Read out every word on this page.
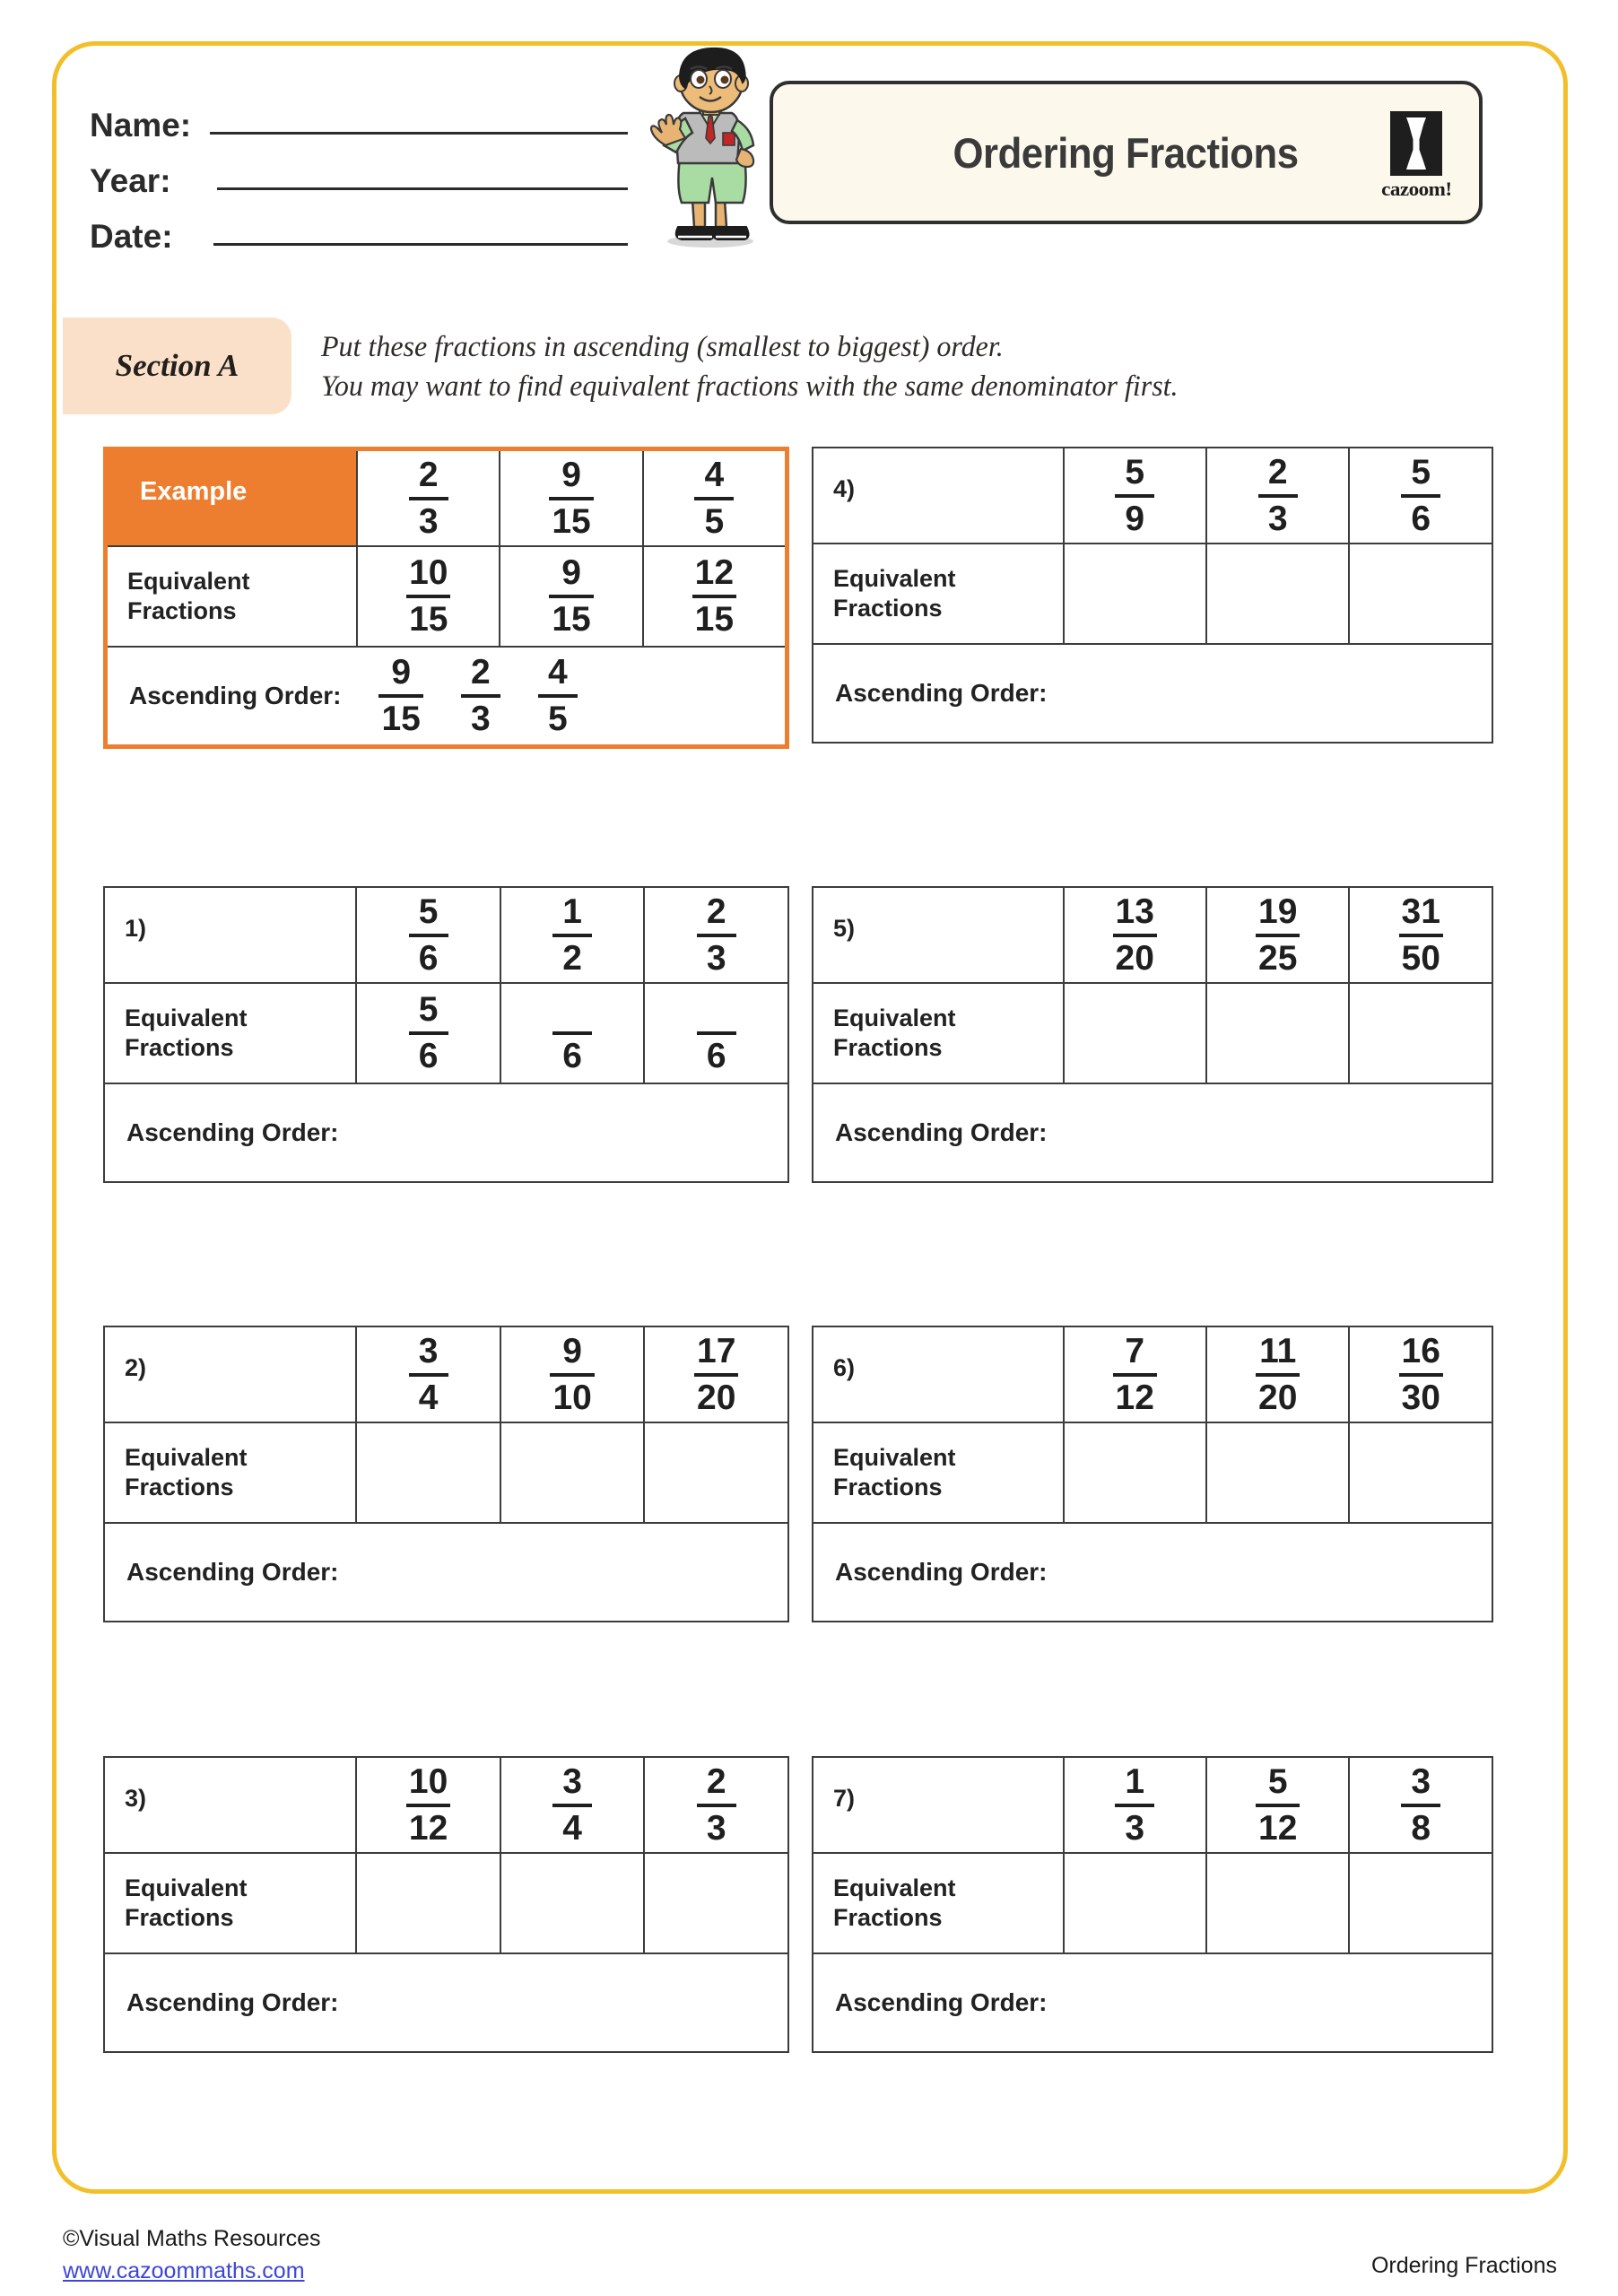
Name:
Year:
Date:
Ordering Fractions
cazoom!
Section A
Put these fractions in ascending (smallest to biggest) order.
You may want to find equivalent fractions with the same denominator first.
Example	$\frac{2}{3}$	$\frac{9}{15}$	$\frac{4}{5}$

Equivalent
Fractions	$\frac{10}{15}$	$\frac{9}{15}$	$\frac{12}{15}$

Ascending Order: $\frac{9}{15} \frac{2}{3} \frac{4}{5}$
1)	$\frac{5}{6}$	$\frac{1}{2}$	$\frac{2}{3}$

Equivalent
Fractions	$\frac{5}{6}$	6	6

Ascending Order:			
2)	$\frac{3}{4}$	$\frac{9}{10}$	$\frac{17}{20}$

Equivalent
Fractions			

Ascending Order:			
3)	$\frac{10}{12}$	$\frac{3}{4}$	$\frac{2}{3}$

Equivalent
Fractions			

Ascending Order:			
4)	$\frac{5}{9}$	$\frac{2}{3}$	$\frac{5}{6}$

Equivalent
Fractions			

Ascending Order:			
5)	$\frac{13}{20}$	$\frac{19}{25}$	$\frac{31}{50}$

Equivalent
Fractions			

Ascending Order:			
6)	$\frac{7}{12}$	$\frac{11}{20}$	$\frac{16}{30}$

Equivalent
Fractions			

Ascending Order:			
7)	$\frac{1}{3}$	$\frac{5}{12}$	$\frac{3}{8}$

Equivalent
Fractions			

Ascending Order:			
©Visual Maths Resources
www.cazoommaths.com	Ordering Fractions
